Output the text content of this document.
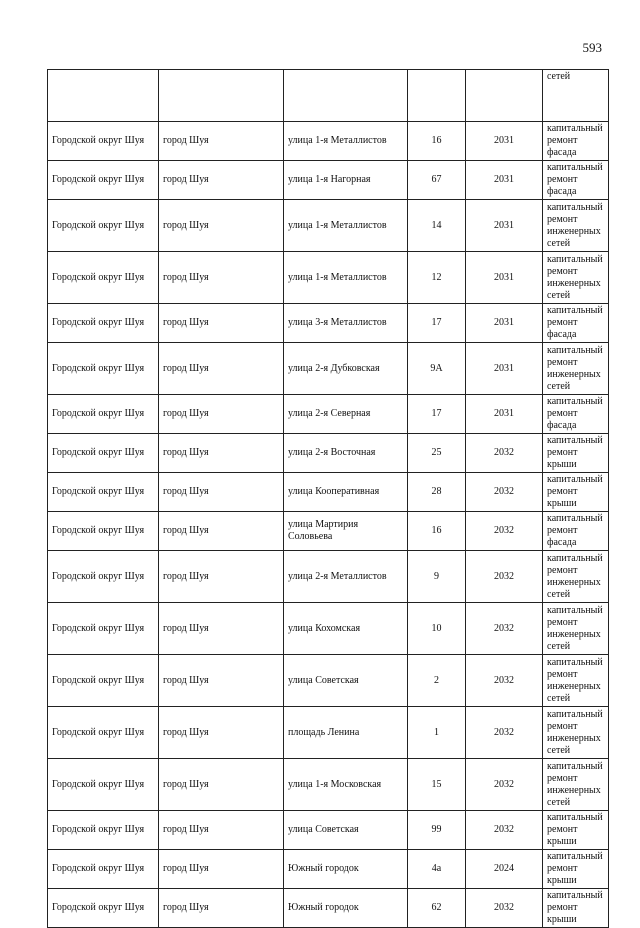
593
					сетей
Городской округ Шуя	город Шуя	улица 1-я Металлистов	16	2031	капитальный ремонт фасада
Городской округ Шуя	город Шуя	улица 1-я Нагорная	67	2031	капитальный ремонт фасада
Городской округ Шуя	город Шуя	улица 1-я Металлистов	14	2031	капитальный ремонт инженерных сетей
Городской округ Шуя	город Шуя	улица 1-я Металлистов	12	2031	капитальный ремонт инженерных сетей
Городской округ Шуя	город Шуя	улица 3-я Металлистов	17	2031	капитальный ремонт фасада
Городской округ Шуя	город Шуя	улица 2-я Дубковская	9А	2031	капитальный ремонт инженерных сетей
Городской округ Шуя	город Шуя	улица 2-я Северная	17	2031	капитальный ремонт фасада
Городской округ Шуя	город Шуя	улица 2-я Восточная	25	2032	капитальный ремонт крыши
Городской округ Шуя	город Шуя	улица Кооперативная	28	2032	капитальный ремонт крыши
Городской округ Шуя	город Шуя	улица Мартирия Соловьева	16	2032	капитальный ремонт фасада
Городской округ Шуя	город Шуя	улица 2-я Металлистов	9	2032	капитальный ремонт инженерных сетей
Городской округ Шуя	город Шуя	улица Кохомская	10	2032	капитальный ремонт инженерных сетей
Городской округ Шуя	город Шуя	улица Советская	2	2032	капитальный ремонт инженерных сетей
Городской округ Шуя	город Шуя	площадь Ленина	1	2032	капитальный ремонт инженерных сетей
Городской округ Шуя	город Шуя	улица 1-я Московская	15	2032	капитальный ремонт инженерных сетей
Городской округ Шуя	город Шуя	улица Советская	99	2032	капитальный ремонт крыши
Городской округ Шуя	город Шуя	Южный городок	4а	2024	капитальный ремонт крыши
Городской округ Шуя	город Шуя	Южный городок	62	2032	капитальный ремонт крыши
